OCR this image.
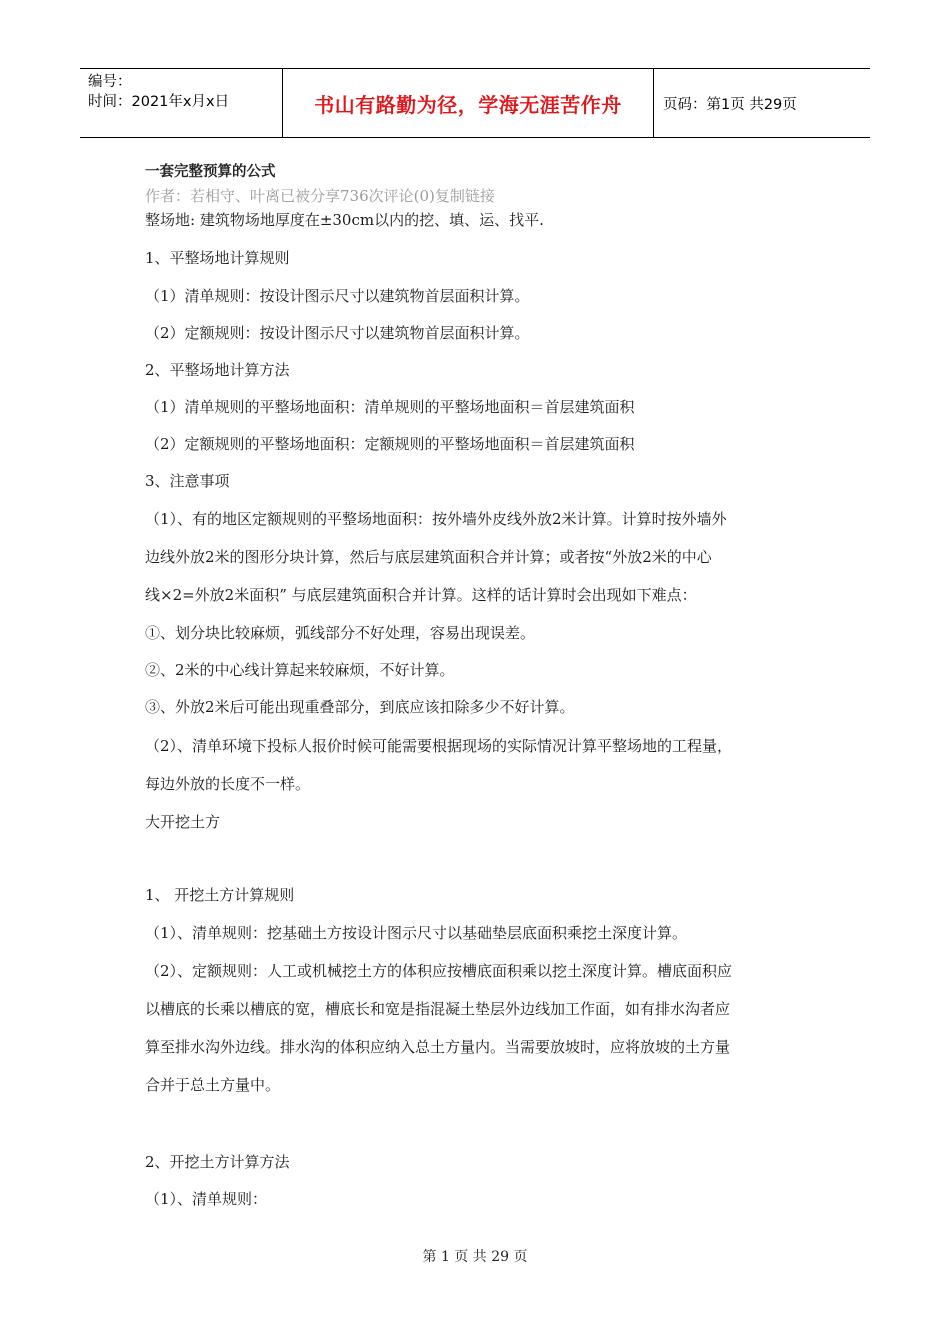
编号：
时间：2021年x月x日	书山有路勤为径，学海无涯苦作舟	页码：第1页 共29页
一套完整预算的公式
作者：若相守、叶离已被分享736次评论(0)复制链接
整场地: 建筑物场地厚度在±30cm以内的挖、填、运、找平.
1、平整场地计算规则
（1）清单规则：按设计图示尺寸以建筑物首层面积计算。
（2）定额规则：按设计图示尺寸以建筑物首层面积计算。
2、平整场地计算方法
（1）清单规则的平整场地面积：清单规则的平整场地面积＝首层建筑面积
（2）定额规则的平整场地面积：定额规则的平整场地面积＝首层建筑面积
3、注意事项
（1）、有的地区定额规则的平整场地面积：按外墙外皮线外放2米计算。计算时按外墙外
边线外放2米的图形分块计算，然后与底层建筑面积合并计算；或者按“外放2米的中心
线×2=外放2米面积” 与底层建筑面积合并计算。这样的话计算时会出现如下难点：
①、划分块比较麻烦，弧线部分不好处理，容易出现误差。
②、2米的中心线计算起来较麻烦，不好计算。
③、外放2米后可能出现重叠部分，到底应该扣除多少不好计算。
（2）、清单环境下投标人报价时候可能需要根据现场的实际情况计算平整场地的工程量，
每边外放的长度不一样。
大开挖土方
1、 开挖土方计算规则
（1）、清单规则：挖基础土方按设计图示尺寸以基础垫层底面积乘挖土深度计算。
（2）、定额规则：人工或机械挖土方的体积应按槽底面积乘以挖土深度计算。槽底面积应
以槽底的长乘以槽底的宽，槽底长和宽是指混凝土垫层外边线加工作面，如有排水沟者应
算至排水沟外边线。排水沟的体积应纳入总土方量内。当需要放坡时，应将放坡的土方量
合并于总土方量中。
2、开挖土方计算方法
（1）、清单规则：
第 1 页 共 29 页
